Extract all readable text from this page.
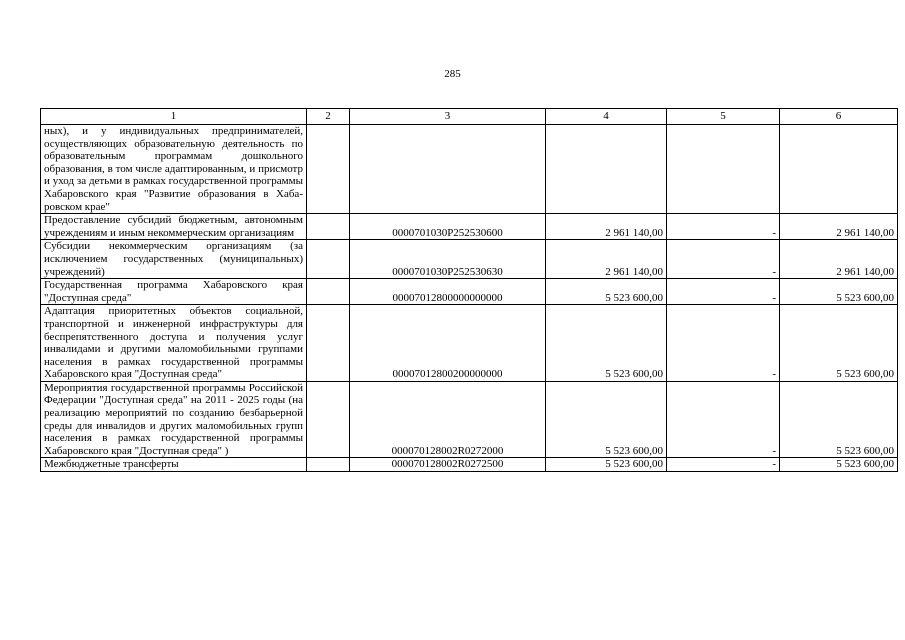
285
1	2	3	4	5	6
ных), и у индивидуальных предпринимателей, осуществляющих образовательную деятельность по образовательным программам дошкольного образования, в том числе адаптированным, и присмотр и уход за детьми в рамках государственной программы Хабаровского края "Развитие образования в Хабаровском крае"					
Предоставление субсидий бюджетным, автономным учреждениям и иным некоммерческим организациям		0000701030P252530600	2 961 140,00	-	2 961 140,00
Субсидии некоммерческим организациям (за исключением государственных (муниципальных) учреждений)		0000701030P252530630	2 961 140,00	-	2 961 140,00
Государственная программа Хабаровского края "Доступная среда"		00007012800000000000	5 523 600,00	-	5 523 600,00
Адаптация приоритетных объектов социальной, транспортной и инженерной инфраструктуры для беспрепятственного доступа и получения услуг инвалидами и другими маломобильными группами населения в рамках государственной программы Хабаровского края "Доступная среда"		00007012800200000000	5 523 600,00	-	5 523 600,00
Мероприятия государственной программы Российской Федерации "Доступная среда" на 2011 - 2025 годы (на реализацию мероприятий по созданию безбарьерной среды для инвалидов и других маломобильных групп населения в рамках государственной программы Хабаровского края "Доступная среда" )		000070128002R0272000	5 523 600,00	-	5 523 600,00
Межбюджетные трансферты		000070128002R0272500	5 523 600,00	-	5 523 600,00
